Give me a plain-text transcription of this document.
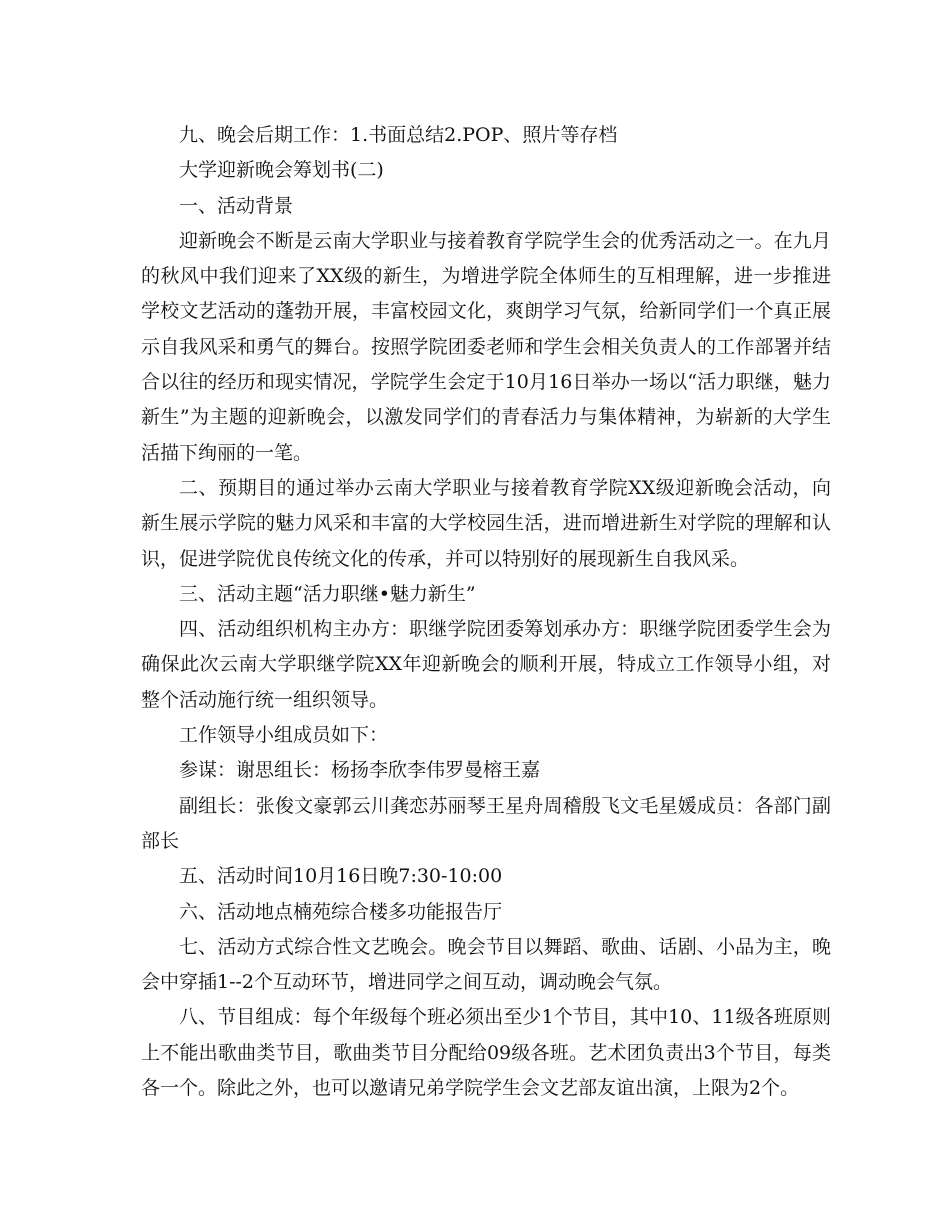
九、晚会后期工作：1.书面总结2.POP、照片等存档

大学迎新晚会筹划书(二)

一、活动背景

迎新晚会不断是云南大学职业与接着教育学院学生会的优秀活动之一。在九月的秋风中我们迎来了XX级的新生，为增进学院全体师生的互相理解，进一步推进学校文艺活动的蓬勃开展，丰富校园文化，爽朗学习气氛，给新同学们一个真正展示自我风采和勇气的舞台。按照学院团委老师和学生会相关负责人的工作部署并结合以往的经历和现实情况，学院学生会定于10月16日举办一场以“活力职继，魅力新生”为主题的迎新晚会，以激发同学们的青春活力与集体精神，为崭新的大学生活描下绚丽的一笔。

二、预期目的通过举办云南大学职业与接着教育学院XX级迎新晚会活动，向新生展示学院的魅力风采和丰富的大学校园生活，进而增进新生对学院的理解和认识，促进学院优良传统文化的传承，并可以特别好的展现新生自我风采。

三、活动主题“活力职继•魅力新生”

四、活动组织机构主办方：职继学院团委筹划承办方：职继学院团委学生会为确保此次云南大学职继学院XX年迎新晚会的顺利开展，特成立工作领导小组，对整个活动施行统一组织领导。

工作领导小组成员如下：

参谋：谢思组长：杨扬李欣李伟罗曼榕王嘉

副组长：张俊文豪郭云川龚恋苏丽琴王星舟周稽殷飞文毛星媛成员：各部门副部长

五、活动时间10月16日晚7:30-10:00

六、活动地点楠苑综合楼多功能报告厅

七、活动方式综合性文艺晚会。晚会节目以舞蹈、歌曲、话剧、小品为主，晚会中穿插1--2个互动环节，增进同学之间互动，调动晚会气氛。

八、节目组成：每个年级每个班必须出至少1个节目，其中10、11级各班原则上不能出歌曲类节目，歌曲类节目分配给09级各班。艺术团负责出3个节目，每类各一个。除此之外，也可以邀请兄弟学院学生会文艺部友谊出演，上限为2个。
